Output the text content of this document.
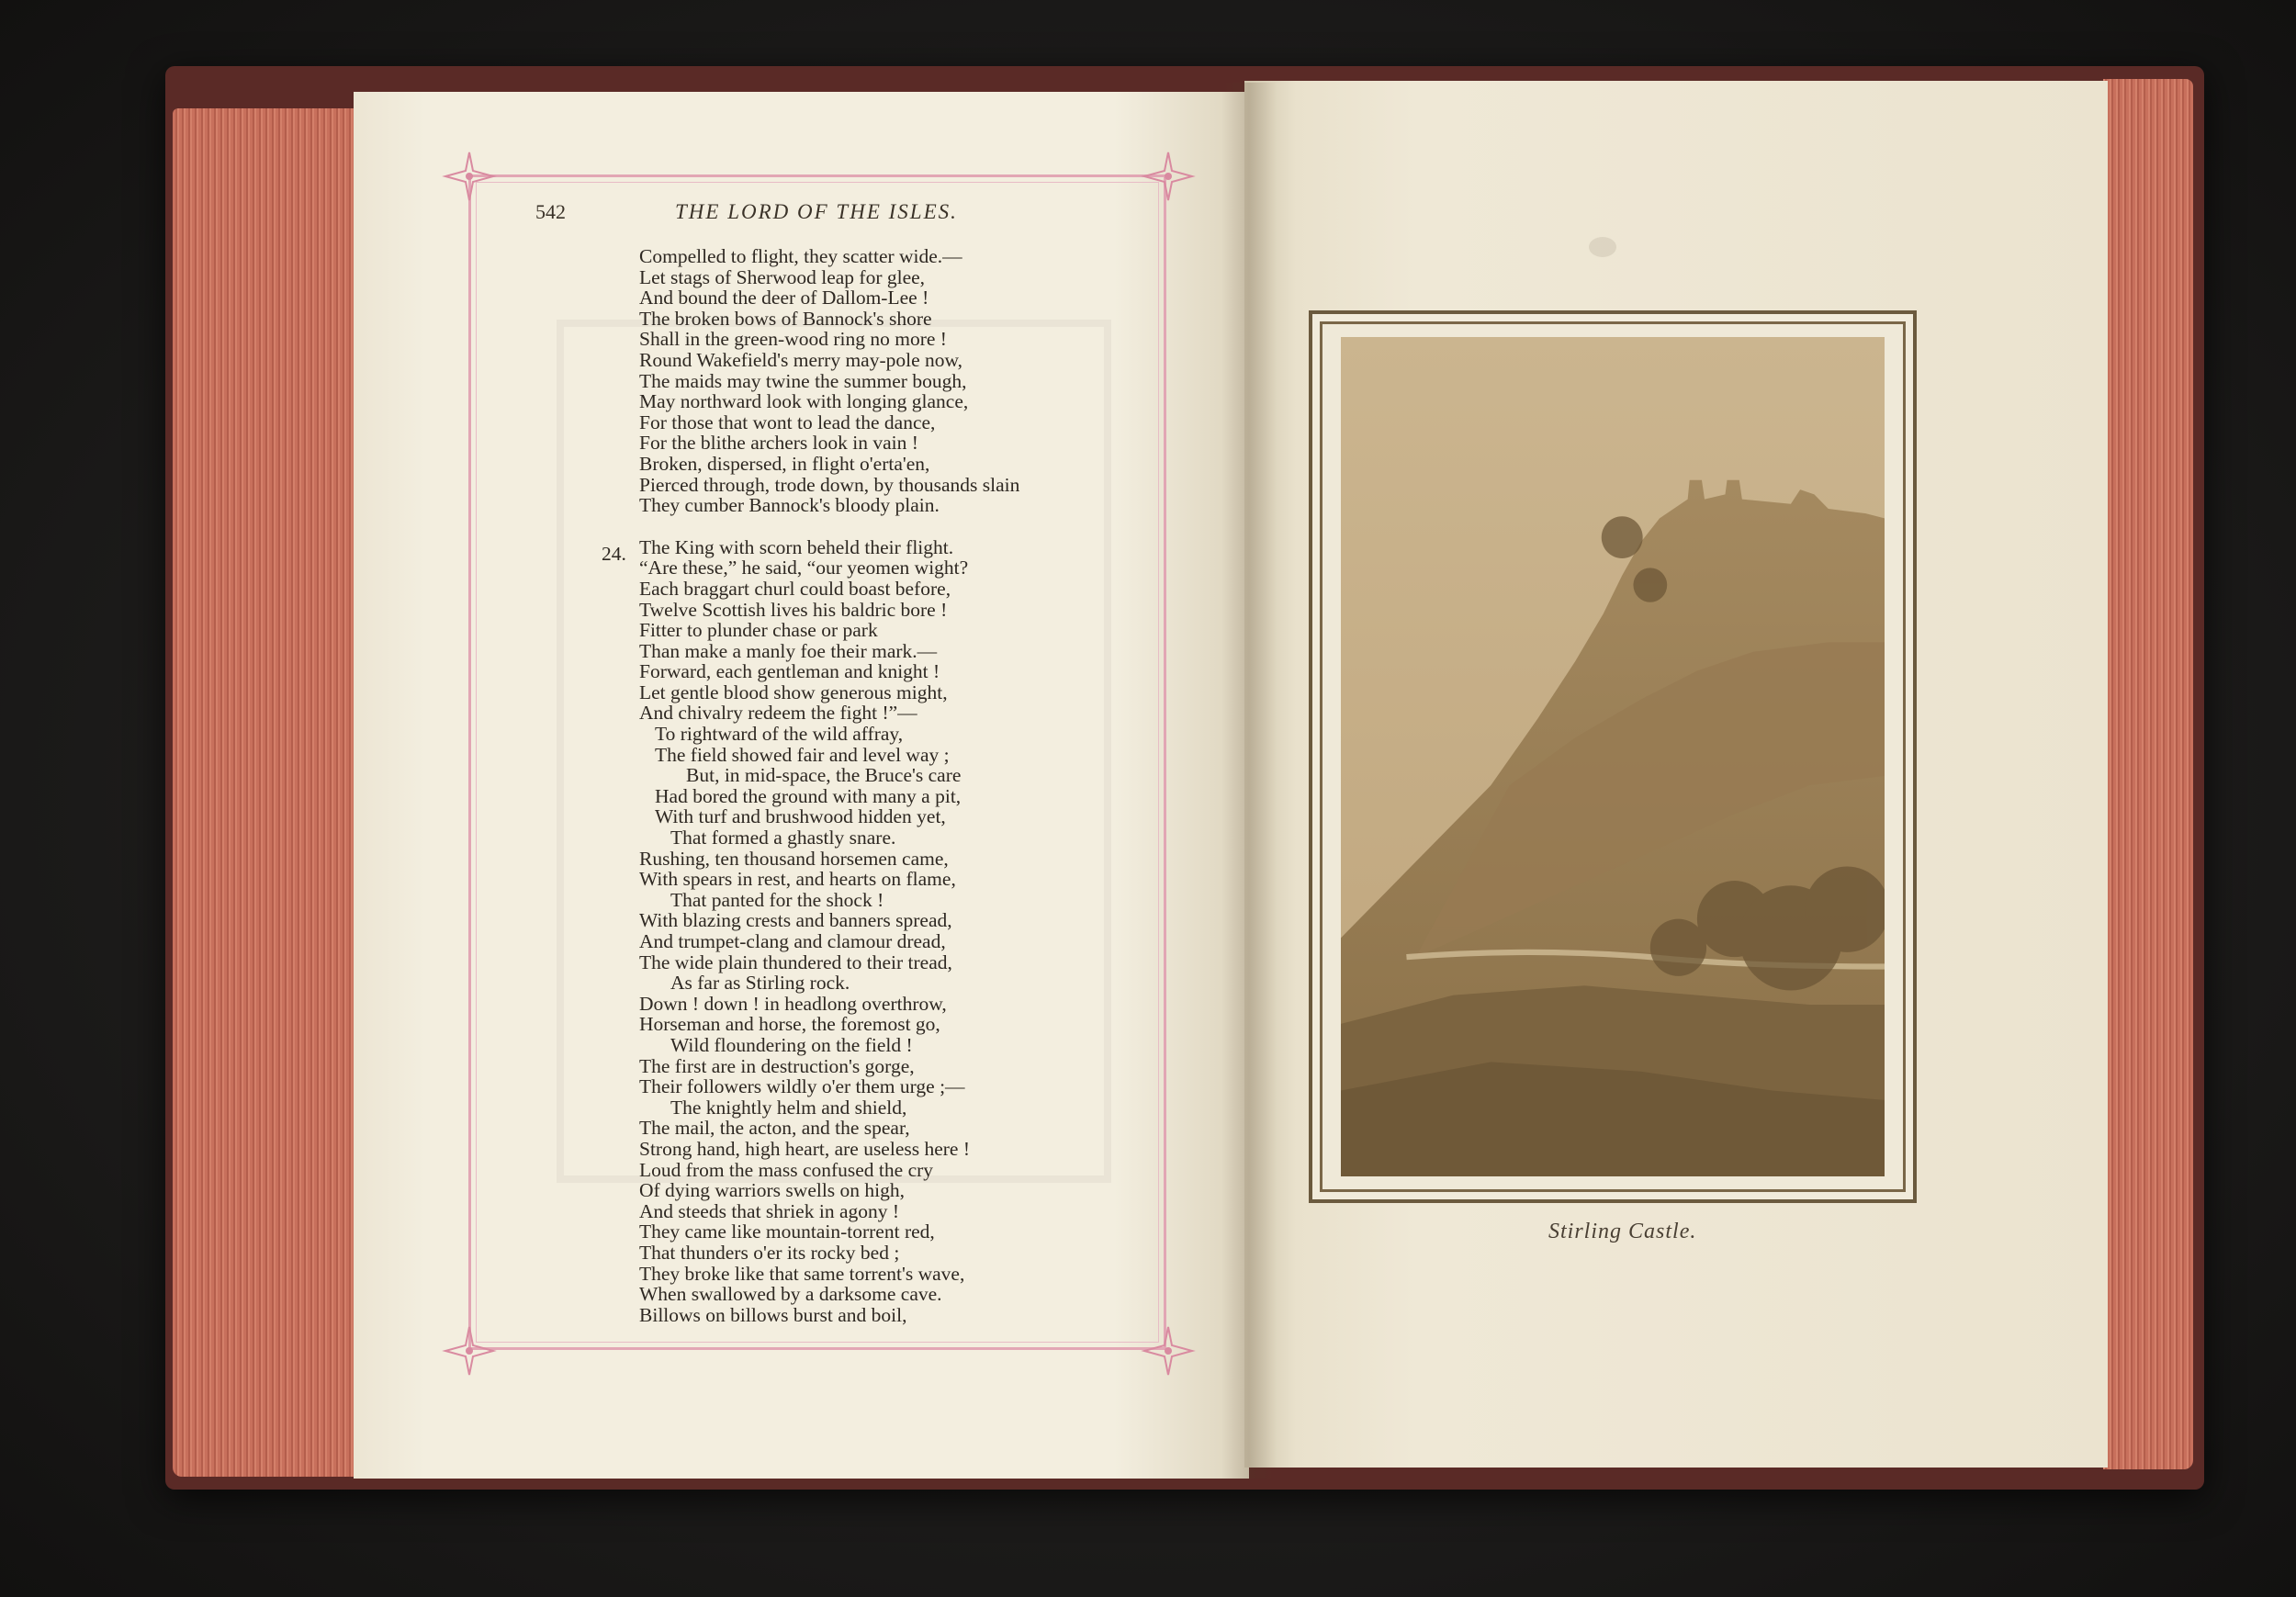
542	THE LORD OF THE ISLES.
24.
Compelled to flight, they scatter wide.—
Let stags of Sherwood leap for glee,
And bound the deer of Dallom-Lee !
The broken bows of Bannock's shore
Shall in the green-wood ring no more !
Round Wakefield's merry may-pole now,
The maids may twine the summer bough,
May northward look with longing glance,
For those that wont to lead the dance,
For the blithe archers look in vain !
Broken, dispersed, in flight o'erta'en,
Pierced through, trode down, by thousands slain
They cumber Bannock's bloody plain.
The King with scorn beheld their flight.
“Are these,” he said, “our yeomen wight?
Each braggart churl could boast before,
Twelve Scottish lives his baldric bore !
Fitter to plunder chase or park
Than make a manly foe their mark.—
Forward, each gentleman and knight !
Let gentle blood show generous might,
And chivalry redeem the fight !”—
To rightward of the wild affray,
The field showed fair and level way ;
But, in mid-space, the Bruce's care
Had bored the ground with many a pit,
With turf and brushwood hidden yet,
That formed a ghastly snare.
Rushing, ten thousand horsemen came,
With spears in rest, and hearts on flame,
That panted for the shock !
With blazing crests and banners spread,
And trumpet-clang and clamour dread,
The wide plain thundered to their tread,
As far as Stirling rock.
Down ! down ! in headlong overthrow,
Horseman and horse, the foremost go,
Wild floundering on the field !
The first are in destruction's gorge,
Their followers wildly o'er them urge ;—
The knightly helm and shield,
The mail, the acton, and the spear,
Strong hand, high heart, are useless here !
Loud from the mass confused the cry
Of dying warriors swells on high,
And steeds that shriek in agony !
They came like mountain-torrent red,
That thunders o'er its rocky bed ;
They broke like that same torrent's wave,
When swallowed by a darksome cave.
Billows on billows burst and boil,
Stirling Castle.
